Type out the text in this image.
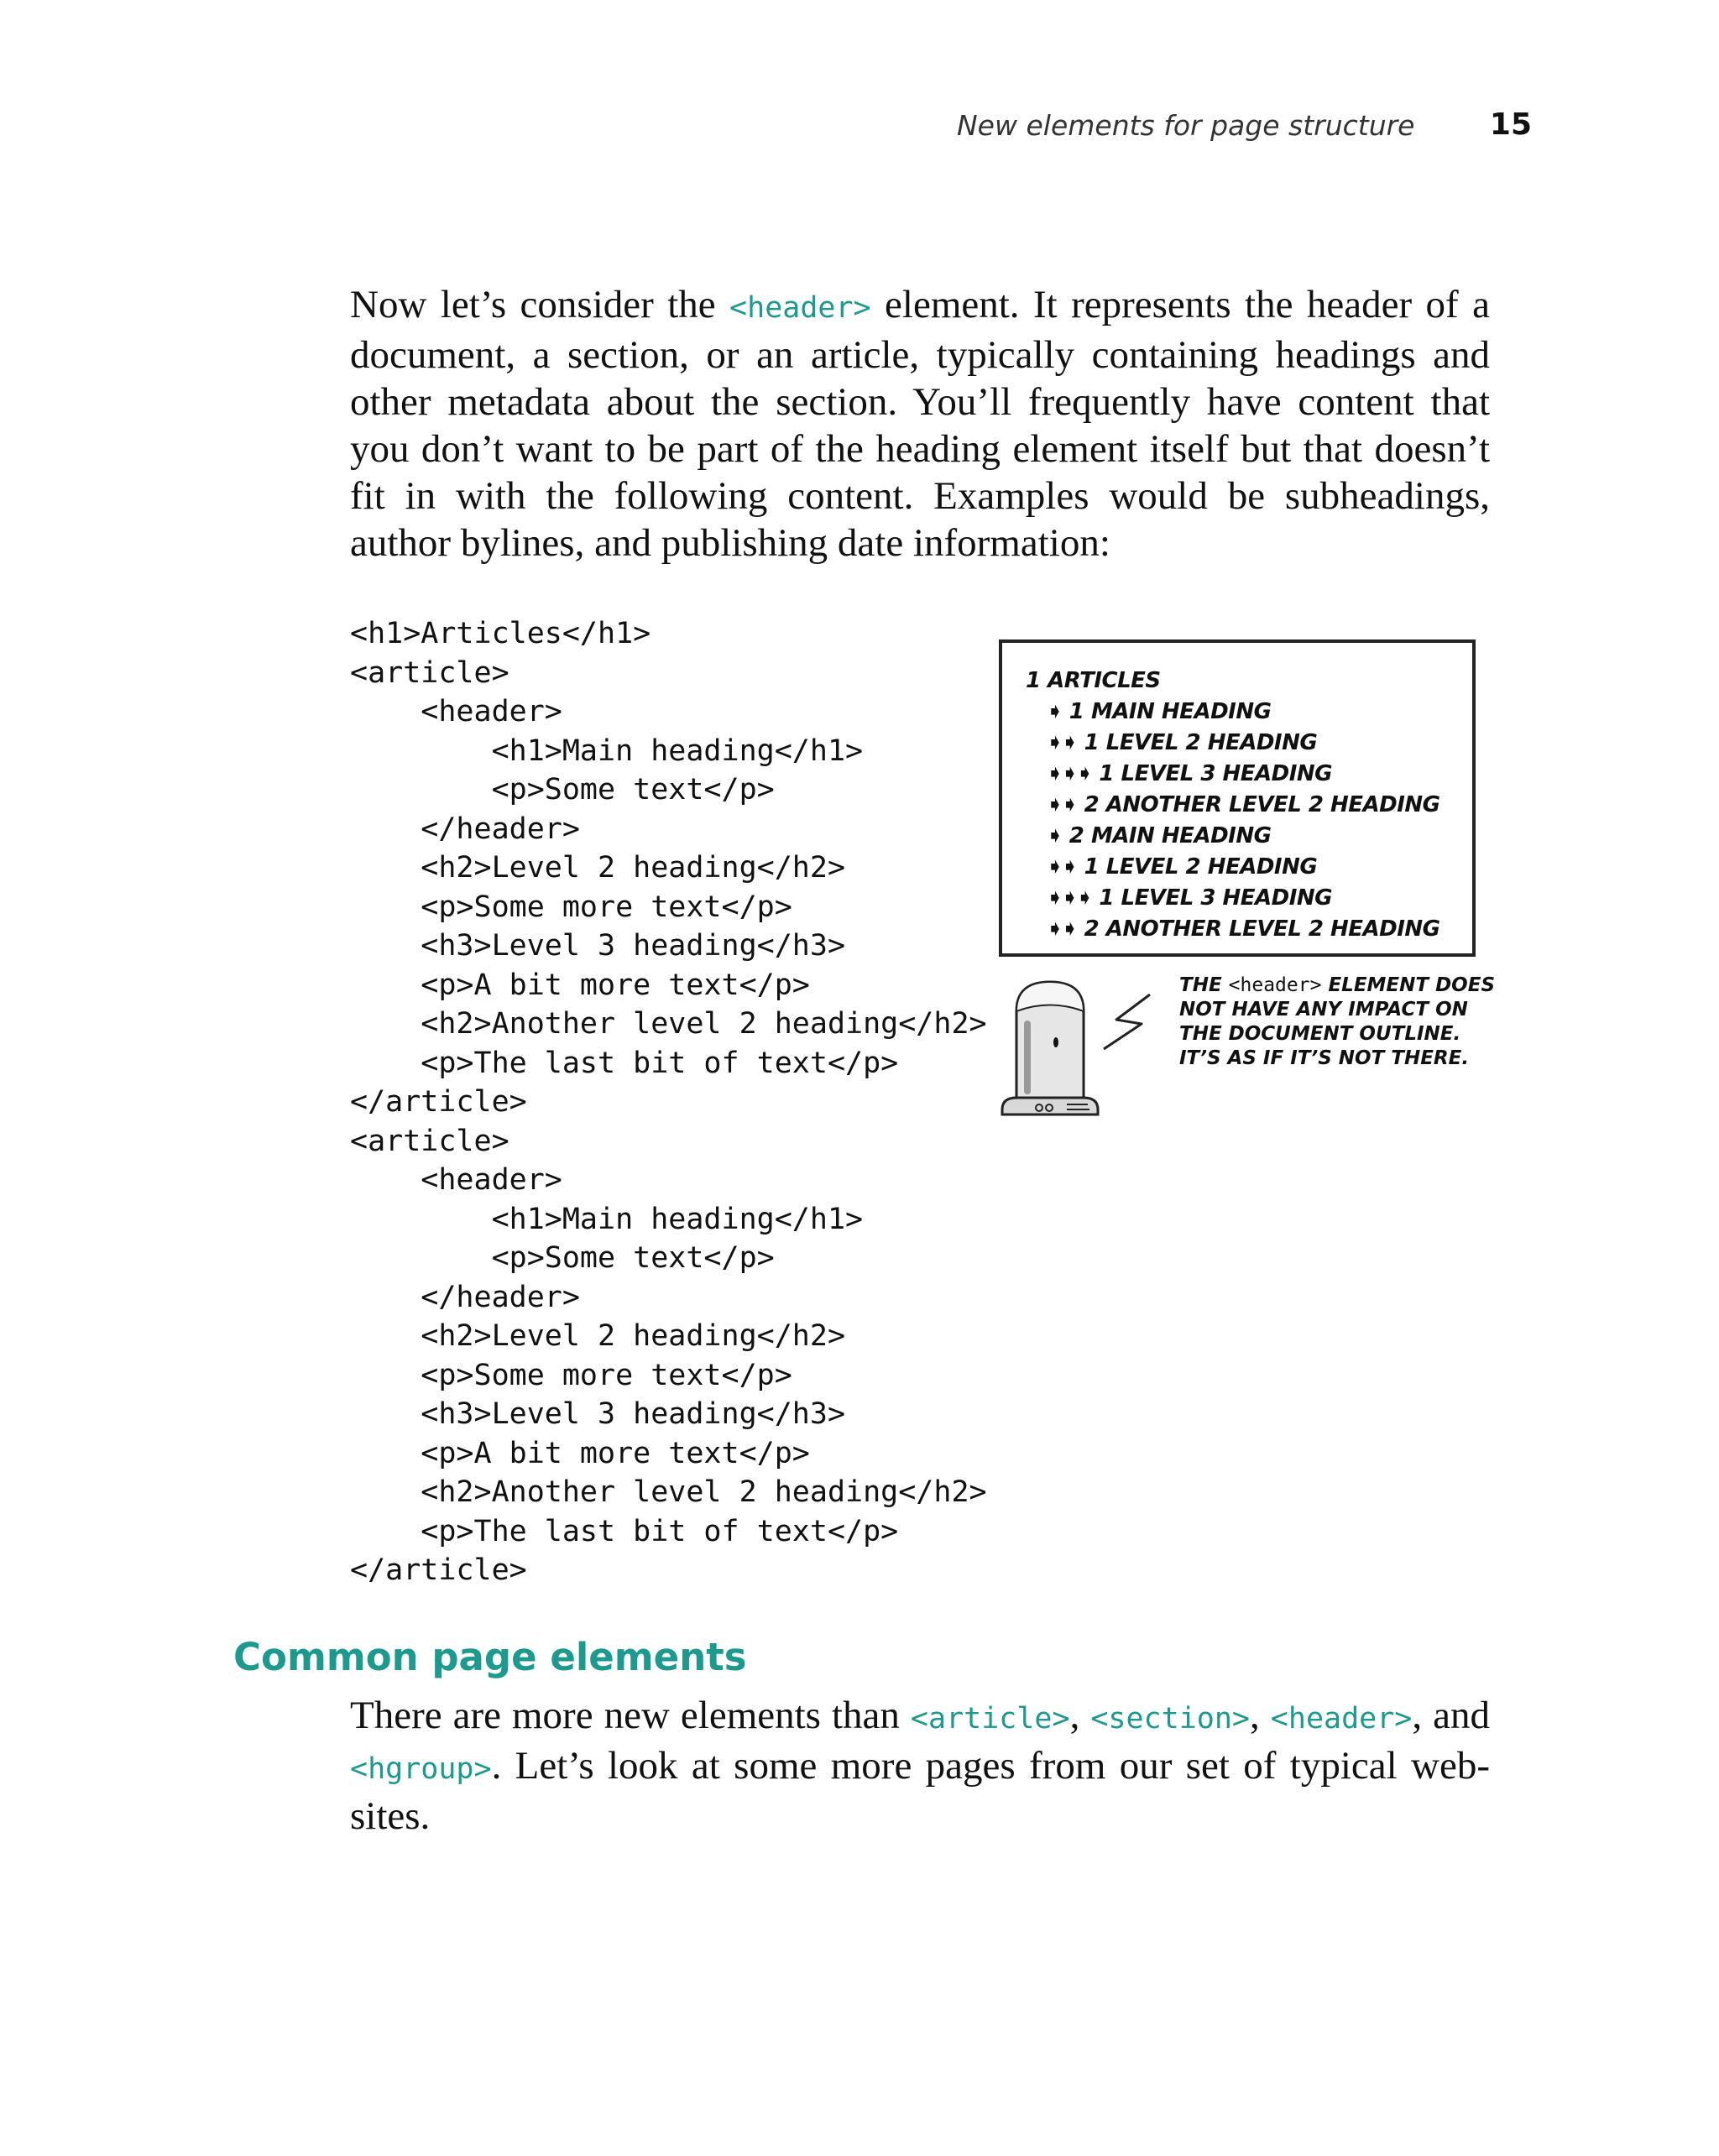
New elements for page structure	15

Now let’s consider the <header> element. It represents the header of a document, a section, or an article, typically containing headings and other metadata about the section. You’ll frequently have content that you don’t want to be part of the heading element itself but that doesn’t fit in with the following content. Examples would be subheadings, author bylines, and publishing date information:

<h1>Articles</h1>
<article>
<header>
<h1>Main heading</h1>
<p>Some text</p>
</header>
<h2>Level 2 heading</h2>
<p>Some more text</p>
<h3>Level 3 heading</h3>
<p>A bit more text</p>
<h2>Another level 2 heading</h2>
<p>The last bit of text</p>
</article>
<article>
<header>
<h1>Main heading</h1>
<p>Some text</p>
</header>
<h2>Level 2 heading</h2>
<p>Some more text</p>
<h3>Level 3 heading</h3>
<p>A bit more text</p>
<h2>Another level 2 heading</h2>
<p>The last bit of text</p>
</article>
1 ARTICLES
➧ 1 MAIN HEADING
➧➧ 1 LEVEL 2 HEADING
➧➧➧ 1 LEVEL 3 HEADING
➧➧ 2 ANOTHER LEVEL 2 HEADING
➧ 2 MAIN HEADING
➧➧ 1 LEVEL 2 HEADING
➧➧➧ 1 LEVEL 3 HEADING
➧➧ 2 ANOTHER LEVEL 2 HEADING
THE <header> ELEMENT DOES NOT HAVE ANY IMPACT ON THE DOCUMENT OUTLINE. IT’S AS IF IT’S NOT THERE.
Common page elements

There are more new elements than <article>, <section>, <header>, and <hgroup>. Let’s look at some more pages from our set of typical web-sites.
